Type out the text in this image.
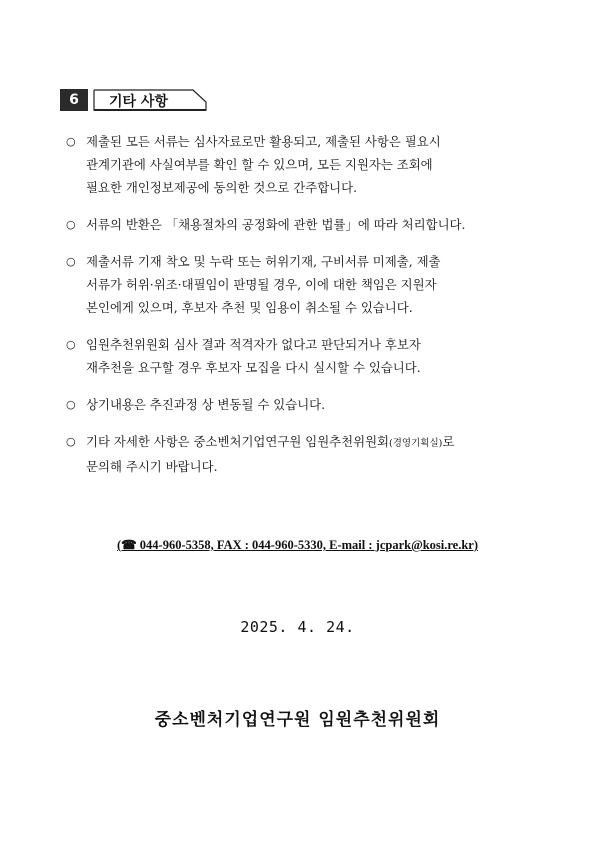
6	기타 사항
○ 제출된 모든 서류는 심사자료로만 활용되고, 제출된 사항은 필요시
관계기관에 사실여부를 확인 할 수 있으며, 모든 지원자는 조회에
필요한 개인정보제공에 동의한 것으로 간주합니다.
○ 서류의 반환은 「채용절차의 공정화에 관한 법률」에 따라 처리합니다.
○ 제출서류 기재 착오 및 누락 또는 허위기재, 구비서류 미제출, 제출
서류가 허위·위조·대필임이 판명될 경우, 이에 대한 책임은 지원자
본인에게 있으며, 후보자 추천 및 임용이 취소될 수 있습니다.
○ 임원추천위원회 심사 결과 적격자가 없다고 판단되거나 후보자
재추천을 요구할 경우 후보자 모집을 다시 실시할 수 있습니다.
○ 상기내용은 추진과정 상 변동될 수 있습니다.
○ 기타 자세한 사항은 중소벤처기업연구원 임원추천위원회(경영기획실)로
문의해 주시기 바랍니다.
(☎ 044-960-5358, FAX : 044-960-5330, E-mail : jcpark@kosi.re.kr)
2025. 4. 24.
중소벤처기업연구원 임원추천위원회
